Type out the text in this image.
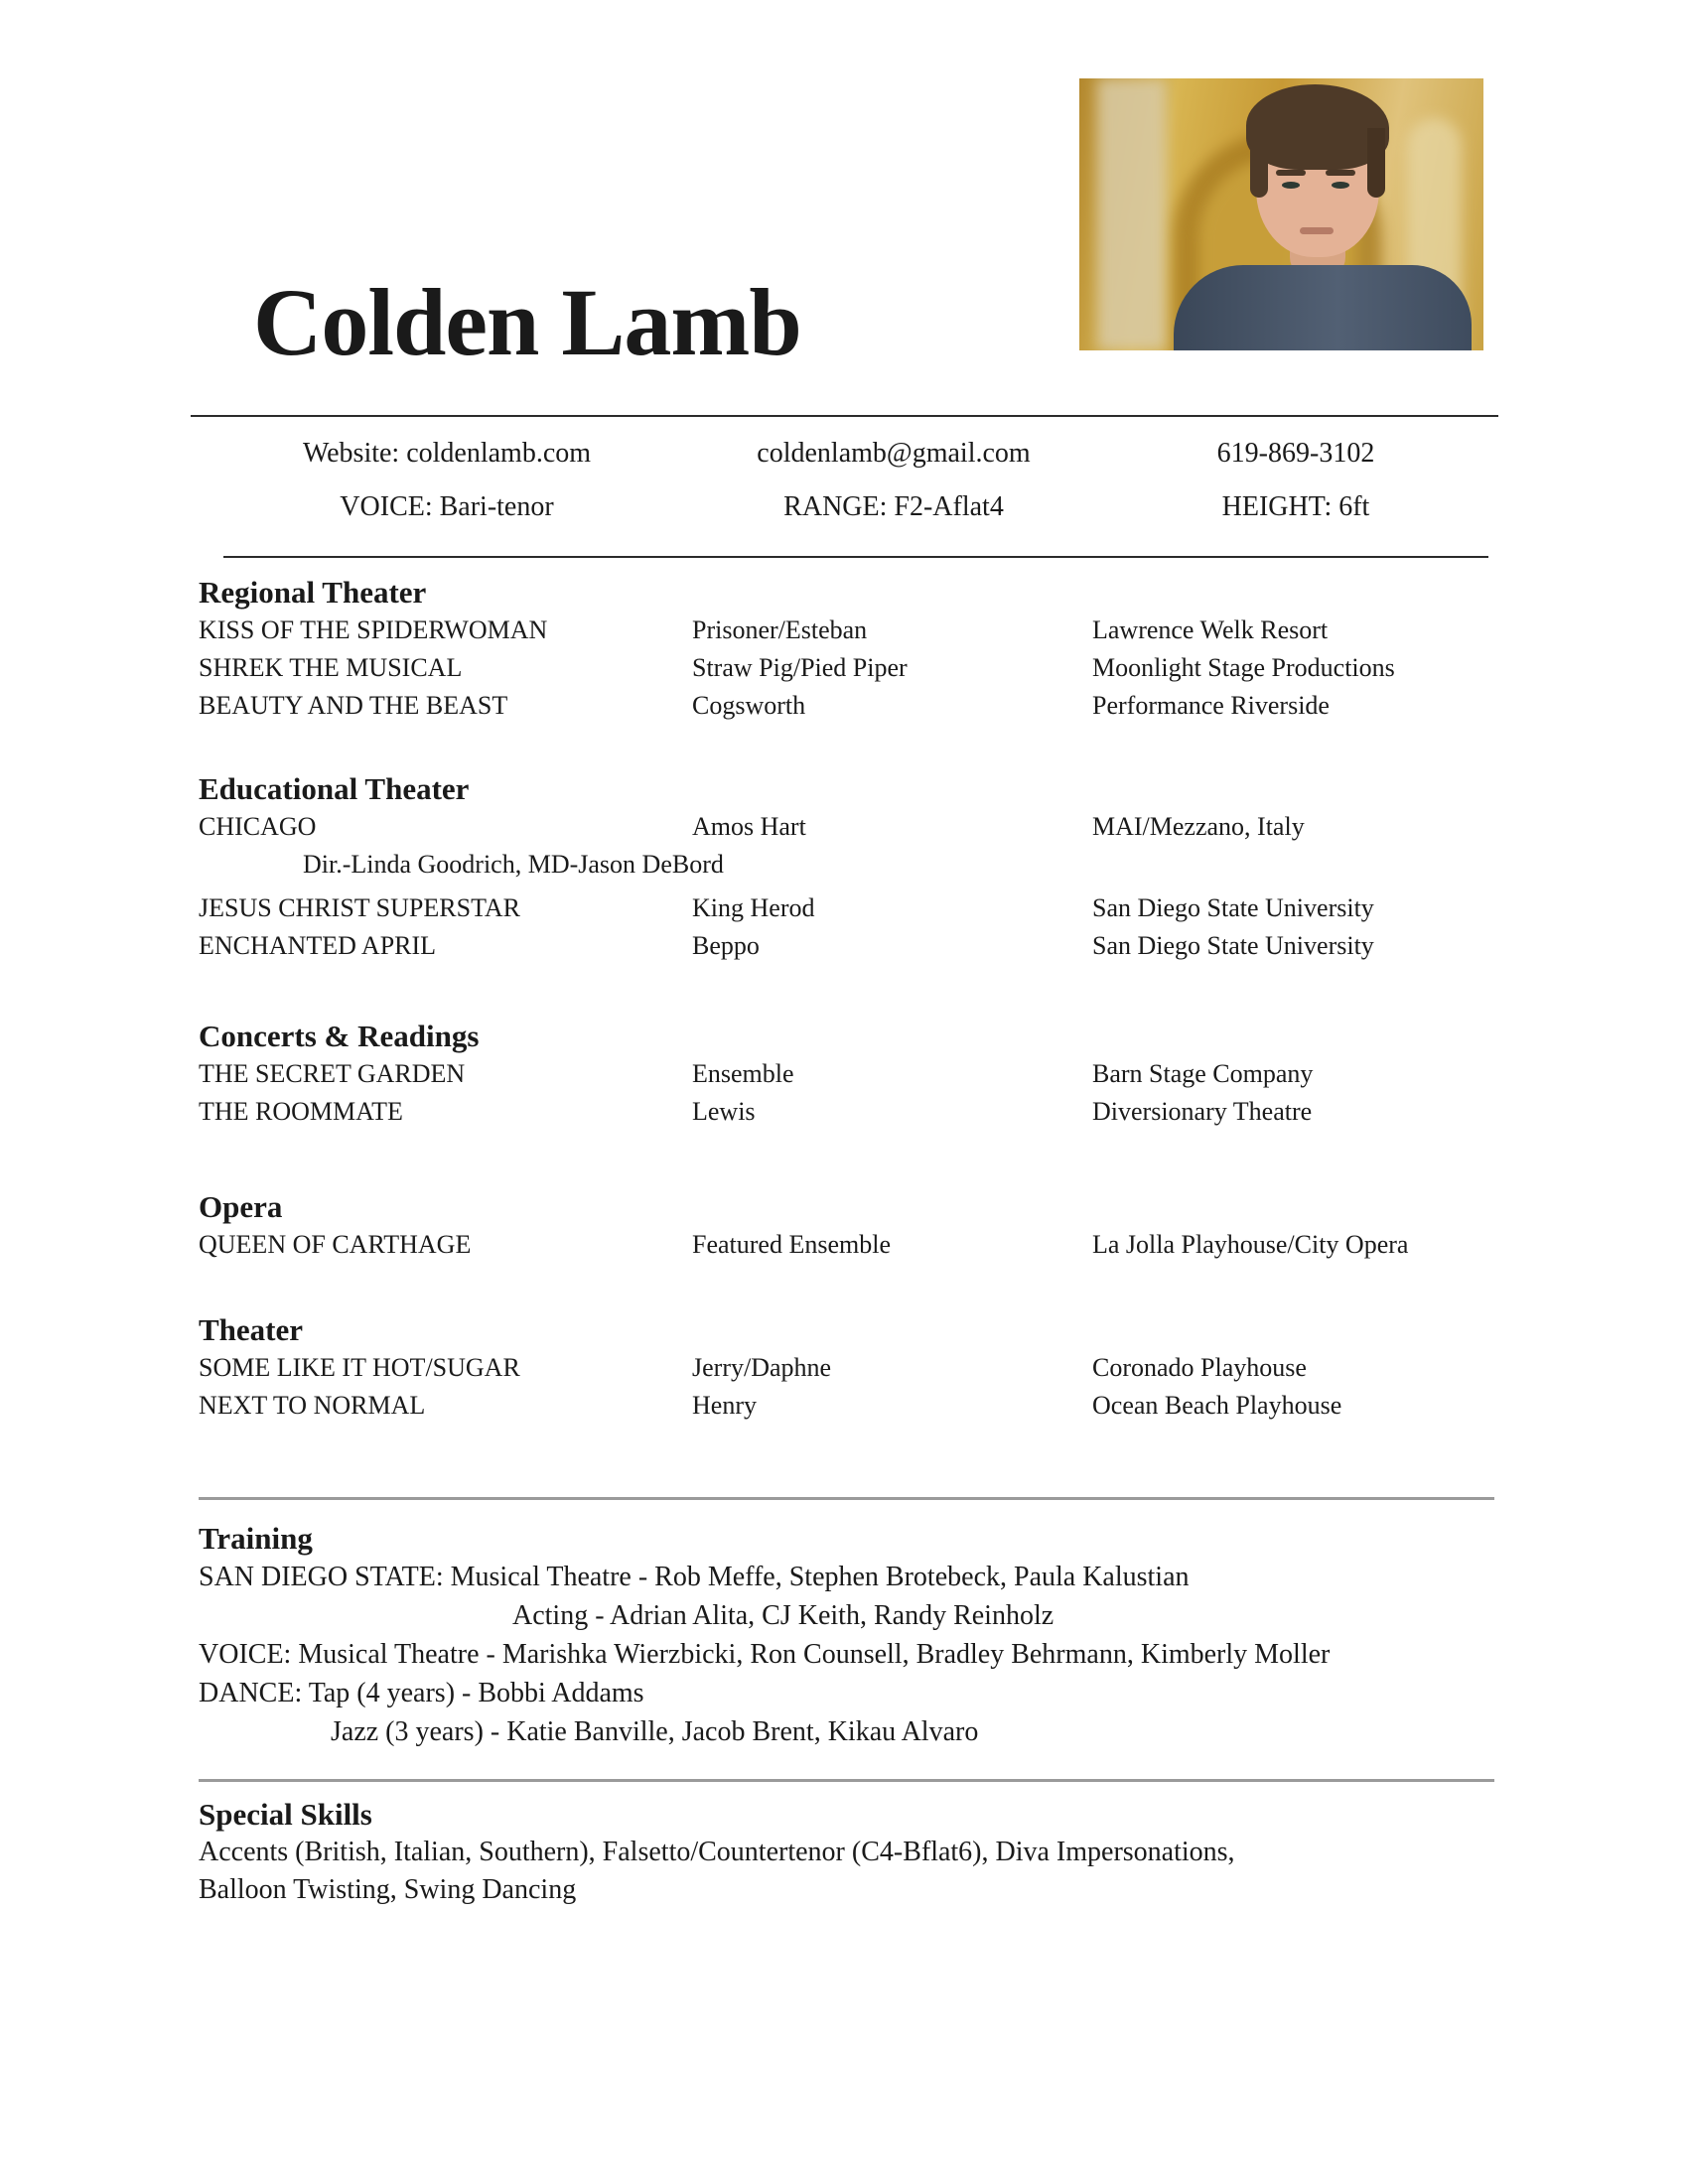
Colden Lamb
Website: coldenlamb.com	coldenlamb@gmail.com	619-869-3102
VOICE: Bari-tenor	RANGE: F2-Aflat4	HEIGHT: 6ft
Regional Theater
KISS OF THE SPIDERWOMAN	Prisoner/Esteban	Lawrence Welk Resort
SHREK THE MUSICAL	Straw Pig/Pied Piper	Moonlight Stage Productions
BEAUTY AND THE BEAST	Cogsworth	Performance Riverside
Educational Theater
CHICAGO	Amos Hart	MAI/Mezzano, Italy
Dir.-Linda Goodrich, MD-Jason DeBord
JESUS CHRIST SUPERSTAR	King Herod	San Diego State University
ENCHANTED APRIL	Beppo	San Diego State University
Concerts & Readings
THE SECRET GARDEN	Ensemble	Barn Stage Company
THE ROOMMATE	Lewis	Diversionary Theatre
Opera
QUEEN OF CARTHAGE	Featured Ensemble	La Jolla Playhouse/City Opera
Theater
SOME LIKE IT HOT/SUGAR	Jerry/Daphne	Coronado Playhouse
NEXT TO NORMAL	Henry	Ocean Beach Playhouse
Training
SAN DIEGO STATE: Musical Theatre - Rob Meffe, Stephen Brotebeck, Paula Kalustian
Acting - Adrian Alita, CJ Keith, Randy Reinholz
VOICE: Musical Theatre - Marishka Wierzbicki, Ron Counsell, Bradley Behrmann, Kimberly Moller
DANCE: Tap (4 years) - Bobbi Addams
Jazz (3 years) - Katie Banville, Jacob Brent, Kikau Alvaro
Special Skills
Accents (British, Italian, Southern), Falsetto/Countertenor (C4-Bflat6), Diva Impersonations,
Balloon Twisting, Swing Dancing
